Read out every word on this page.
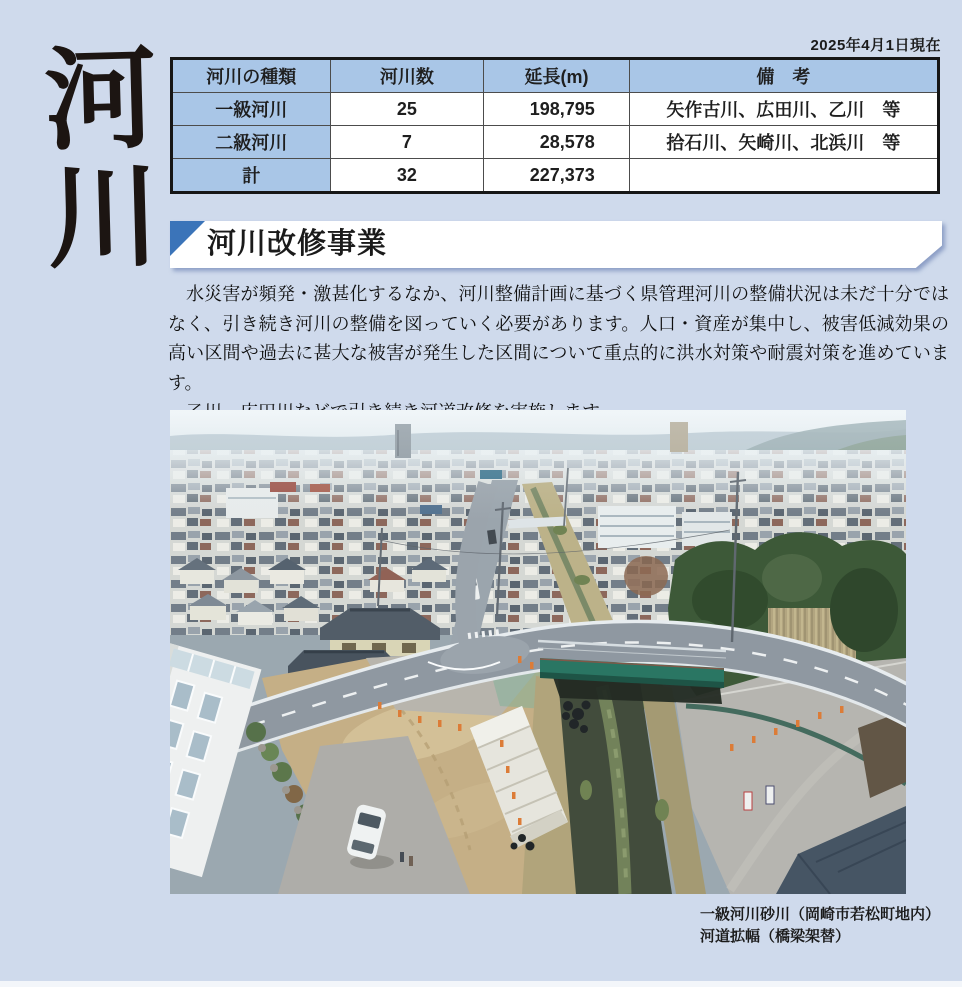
河川	2025年4月1日現在
河川の種類	河川数	延長(m)	備　考
一級河川	25	198,795	矢作古川、広田川、乙川　等
二級河川	7	28,578	拾石川、矢崎川、北浜川　等
計	32	227,373	
河川改修事業

水災害が頻発・激甚化するなか、河川整備計画に基づく県管理河川の整備状況は未だ十分ではなく、引き続き河川の整備を図っていく必要があります。人口・資産が集中し、被害低減効果の高い区間や過去に甚大な被害が発生した区間について重点的に洪水対策や耐震対策を進めています。

一級河川砂川（岡崎市若松町地内）
河道拡幅（橋梁架替）
